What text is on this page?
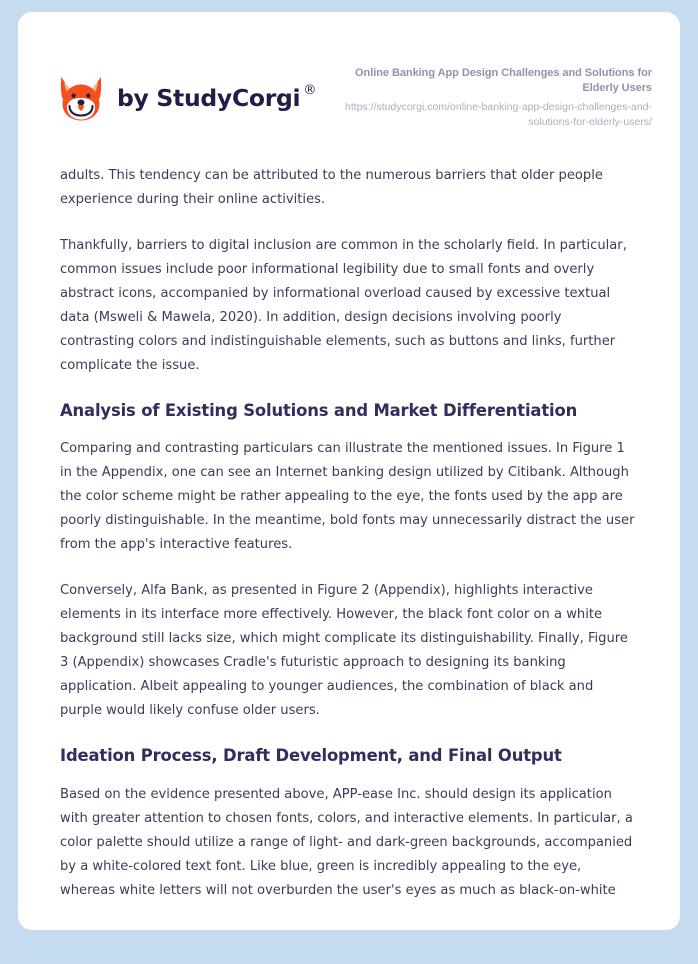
by StudyCorgi ®
Online Banking App Design Challenges and Solutions for Elderly Users
https://studycorgi.com/online-banking-app-design-challenges-and-solutions-for-elderly-users/

adults. This tendency can be attributed to the numerous barriers that older people experience during their online activities.

Thankfully, barriers to digital inclusion are common in the scholarly field. In particular, common issues include poor informational legibility due to small fonts and overly abstract icons, accompanied by informational overload caused by excessive textual data (Msweli & Mawela, 2020). In addition, design decisions involving poorly contrasting colors and indistinguishable elements, such as buttons and links, further complicate the issue.

Analysis of Existing Solutions and Market Differentiation

Comparing and contrasting particulars can illustrate the mentioned issues. In Figure 1 in the Appendix, one can see an Internet banking design utilized by Citibank. Although the color scheme might be rather appealing to the eye, the fonts used by the app are poorly distinguishable. In the meantime, bold fonts may unnecessarily distract the user from the app's interactive features.

Conversely, Alfa Bank, as presented in Figure 2 (Appendix), highlights interactive elements in its interface more effectively. However, the black font color on a white background still lacks size, which might complicate its distinguishability. Finally, Figure 3 (Appendix) showcases Cradle's futuristic approach to designing its banking application. Albeit appealing to younger audiences, the combination of black and purple would likely confuse older users.

Ideation Process, Draft Development, and Final Output

Based on the evidence presented above, APP-ease Inc. should design its application with greater attention to chosen fonts, colors, and interactive elements. In particular, a color palette should utilize a range of light- and dark-green backgrounds, accompanied by a white-colored text font. Like blue, green is incredibly appealing to the eye, whereas white letters will not overburden the user's eyes as much as black-on-white
